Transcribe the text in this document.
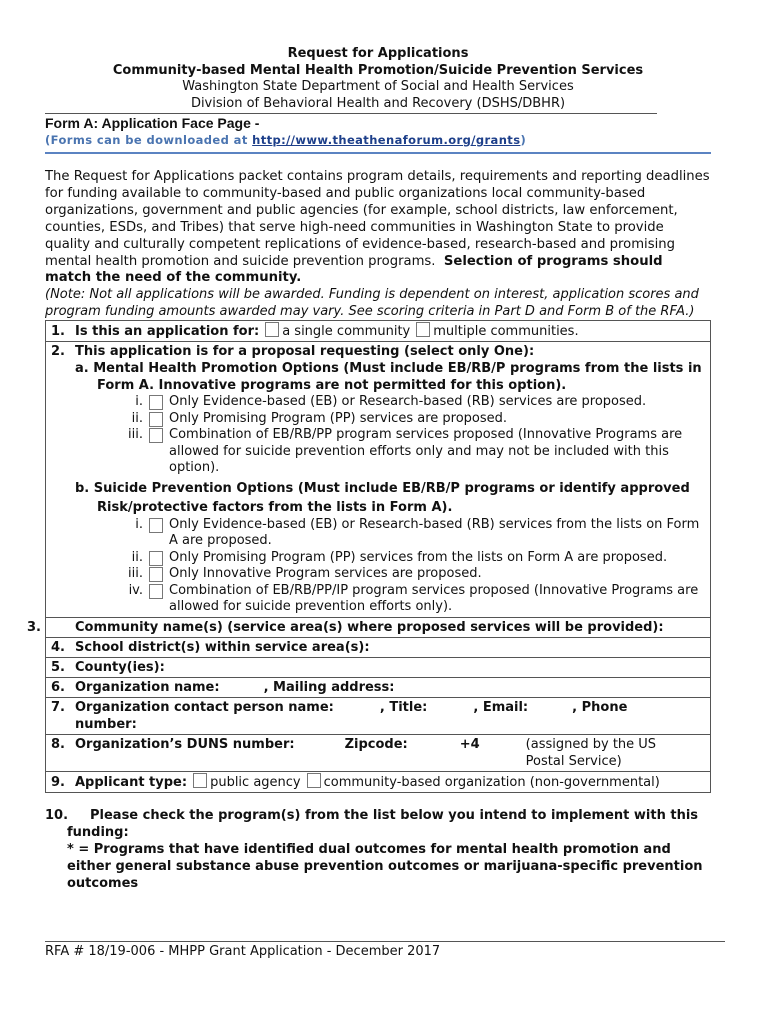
Request for Applications
Community-based Mental Health Promotion/Suicide Prevention Services
Washington State Department of Social and Health Services
Division of Behavioral Health and Recovery (DSHS/DBHR)
Form A: Application Face Page -
(Forms can be downloaded at http://www.theathenaforum.org/grants)
The Request for Applications packet contains program details, requirements and reporting deadlines for funding available to community-based and public organizations local community-based organizations, government and public agencies (for example, school districts, law enforcement, counties, ESDs, and Tribes) that serve high-need communities in Washington State to provide quality and culturally competent replications of evidence-based, research-based and promising mental health promotion and suicide prevention programs. Selection of programs should match the need of the community.
(Note: Not all applications will be awarded. Funding is dependent on interest, application scores and program funding amounts awarded may vary. See scoring criteria in Part D and Form B of the RFA.)
1. Is this an application for: a single community multiple communities.
2. This application is for a proposal requesting (select only One):
a. Mental Health Promotion Options (Must include EB/RB/P programs from the lists in Form A. Innovative programs are not permitted for this option).
i.	Only Evidence-based (EB) or Research-based (RB) services are proposed.
ii.	Only Promising Program (PP) services are proposed.
iii.	Combination of EB/RB/PP program services proposed (Innovative Programs are allowed for suicide prevention efforts only and may not be included with this option).
b. Suicide Prevention Options (Must include EB/RB/P programs or identify approved Risk/protective factors from the lists in Form A).
i.	Only Evidence-based (EB) or Research-based (RB) services from the lists on Form A are proposed.
ii.	Only Promising Program (PP) services from the lists on Form A are proposed.
iii.	Only Innovative Program services are proposed.
iv.	Combination of EB/RB/PP/IP program services proposed (Innovative Programs are allowed for suicide prevention efforts only).
3.	Community name(s) (service area(s) where proposed services will be provided):
4. School district(s) within service area(s):
5. County(ies):
6. Organization name:	, Mailing address:
7. Organization contact person name:	, Title:	, Email:	, Phone
number:
8. Organization’s DUNS number:	Zipcode:	+4	(assigned by the US Postal Service)
9. Applicant type: public agency community-based organization (non-governmental)
10. Please check the program(s) from the list below you intend to implement with this funding:
* = Programs that have identified dual outcomes for mental health promotion and either general substance abuse prevention outcomes or marijuana-specific prevention outcomes
RFA # 18/19-006 - MHPP Grant Application - December 2017
